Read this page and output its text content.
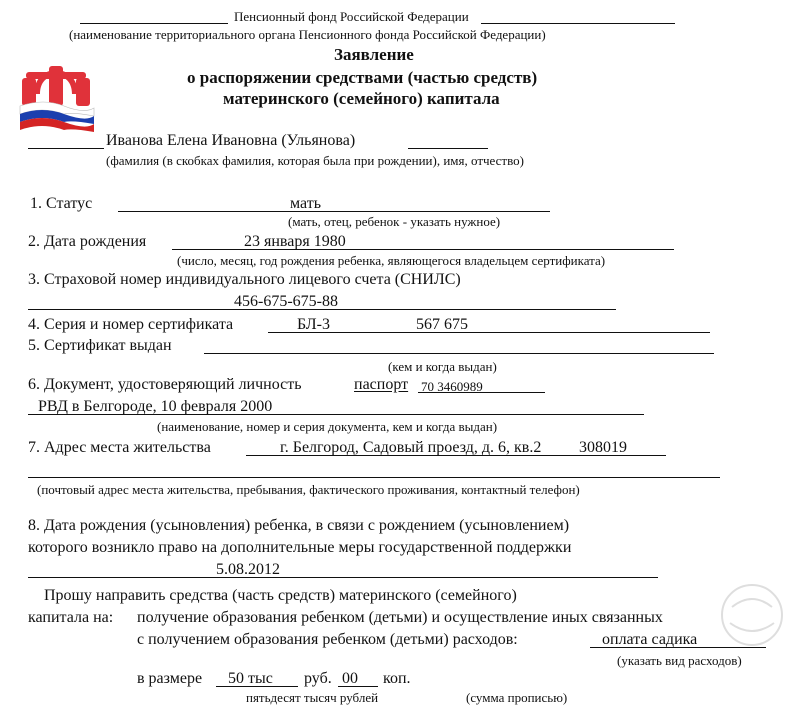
Пенсионный фонд Российской Федерации
(наименование территориального органа Пенсионного фонда Российской Федерации)
Заявление
о распоряжении средствами (частью средств)
материнского (семейного) капитала
Иванова Елена Ивановна (Ульянова)
(фамилия (в скобках фамилия, которая была при рождении), имя, отчество)
1. Статус	мать
(мать, отец, ребенок - указать нужное)
2. Дата рождения	23 января 1980
(число, месяц, год рождения ребенка, являющегося владельцем сертификата)
3. Страховой номер индивидуального лицевого счета (СНИЛС)
456-675-675-88
4. Серия и номер сертификата	БЛ-3	567 675
5. Сертификат выдан
(кем и когда выдан)
6. Документ, удостоверяющий личность	паспорт 70 3460989
РВД в Белгороде, 10 февраля 2000
(наименование, номер и серия документа, кем и когда выдан)
7. Адрес места жительства	г. Белгород, Садовый проезд, д. 6, кв.2 308019
(почтовый адрес места жительства, пребывания, фактического проживания, контактный телефон)
8. Дата рождения (усыновления) ребенка, в связи с рождением (усыновлением)
которого возникло право на дополнительные меры государственной поддержки
5.08.2012
Прошу направить средства (часть средств) материнского (семейного)
капитала на: получение образования ребенком (детьми) и осуществление иных связанных
с получением образования ребенком (детьми) расходов:	оплата садика
(указать вид расходов)
в размере 50 тыс руб. 00 коп.
пятьдесят тысяч рублей	(сумма прописью)
